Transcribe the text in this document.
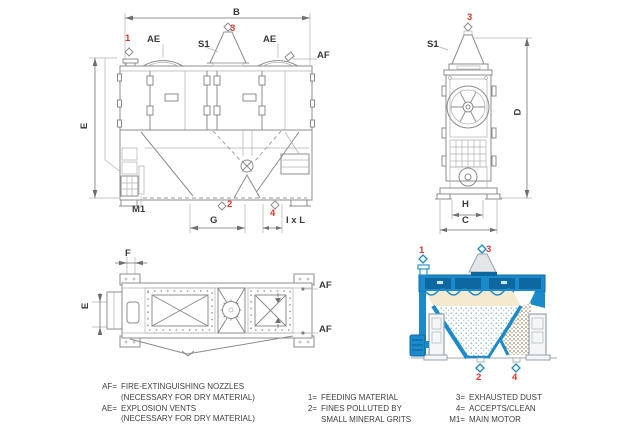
B
1 AE	S1
3
AE
AF
E
M1	2
4
G	I x L
3
S1
D
H
C
F
E
AF
AF
1	3
2	4
AF= FIRE-EXTINGUISHING NOZZLES
(NECESSARY FOR DRY MATERIAL)
AE= EXPLOSION VENTS
(NECESSARY FOR DRY MATERIAL)
1= FEEDING MATERIAL
2= FINES POLLUTED BY
SMALL MINERAL GRITS
3= EXHAUSTED DUST
4= ACCEPTS/CLEAN
M1= MAIN MOTOR
